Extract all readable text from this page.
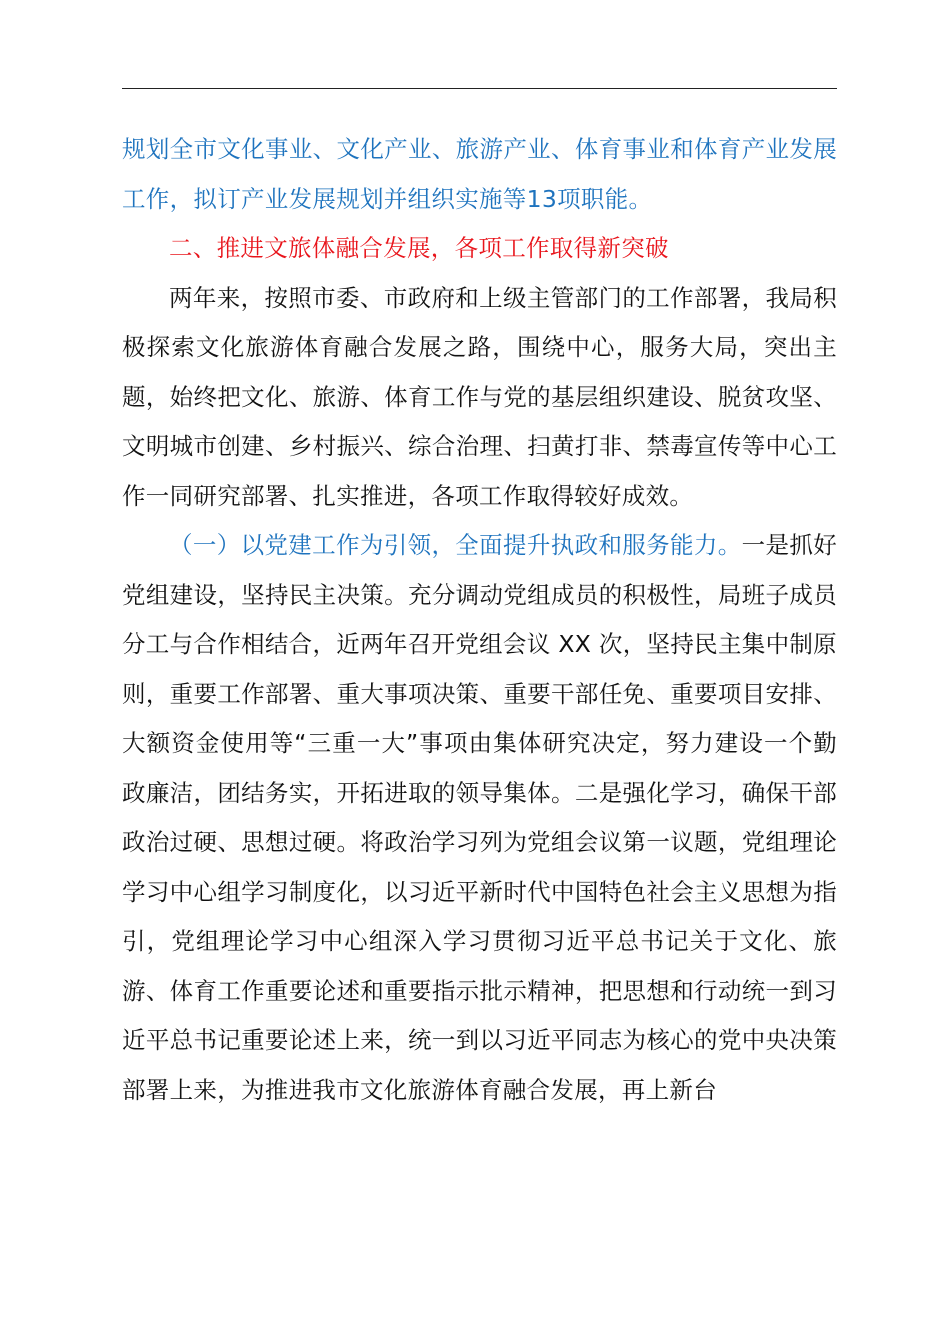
规划全市文化事业、文化产业、旅游产业、体育事业和体育产业发展工作，拟订产业发展规划并组织实施等13项职能。

二、推进文旅体融合发展，各项工作取得新突破

两年来，按照市委、市政府和上级主管部门的工作部署，我局积极探索文化旅游体育融合发展之路，围绕中心，服务大局，突出主题，始终把文化、旅游、体育工作与党的基层组织建设、脱贫攻坚、文明城市创建、乡村振兴、综合治理、扫黄打非、禁毒宣传等中心工作一同研究部署、扎实推进，各项工作取得较好成效。

（一）以党建工作为引领，全面提升执政和服务能力。一是抓好党组建设，坚持民主决策。充分调动党组成员的积极性，局班子成员分工与合作相结合，近两年召开党组会议 XX 次，坚持民主集中制原则，重要工作部署、重大事项决策、重要干部任免、重要项目安排、大额资金使用等“三重一大”事项由集体研究决定，努力建设一个勤政廉洁，团结务实，开拓进取的领导集体。二是强化学习，确保干部政治过硬、思想过硬。将政治学习列为党组会议第一议题，党组理论学习中心组学习制度化，以习近平新时代中国特色社会主义思想为指引，党组理论学习中心组深入学习贯彻习近平总书记关于文化、旅游、体育工作重要论述和重要指示批示精神，把思想和行动统一到习近平总书记重要论述上来，统一到以习近平同志为核心的党中央决策部署上来，为推进我市文化旅游体育融合发展，再上新台
